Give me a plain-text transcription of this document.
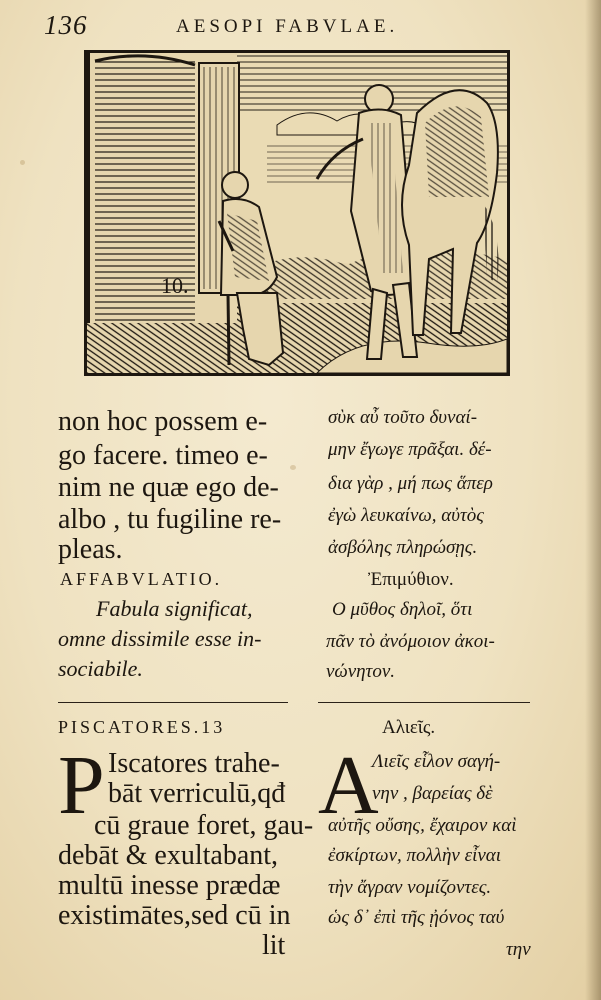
136	AESOPI FABVLAE.
10.
non hoc possem e-
go facere. timeo e-
nim ne quæ ego de-
albo , tu fugiline re-
pleas.
AFFABVLATIO.
Fabula significat,
omne dissimile esse in-
sociabile.
PISCATORES.13
P Iscatores trahe-
bāt verriculū,qđ
cū graue foret, gau-
debāt & exultabant,
multū inesse prædæ
existimātes,sed cū in
lit
σὺκ αὖ τοῦτο δυναί-
μην ἔγωγε πρᾶξαι. δέ-
δια γὰρ , μή πως ἅπερ
ἐγὼ λευκαίνω, αὐτὸς
ἀσβόλης πληρώσῃς.
Ἐπιμύθιον.
Ο μῦθος δηλοῖ, ὅτι
πᾶν τὸ ἀνόμοιον ἀκοι-
νώνητον.
Αλιεῖς.
A
Λιεῖς εἷλον σαγή-
νην , βαρείας δὲ
αὐτῆς οὔσης, ἔχαιρον καὶ
ἐσκίρτων, πολλὴν εἶναι
τὴν ἄγραν νομίζοντες.
ὡς δ᾽ ἐπὶ τῆς ᾐόνος ταύ
την
